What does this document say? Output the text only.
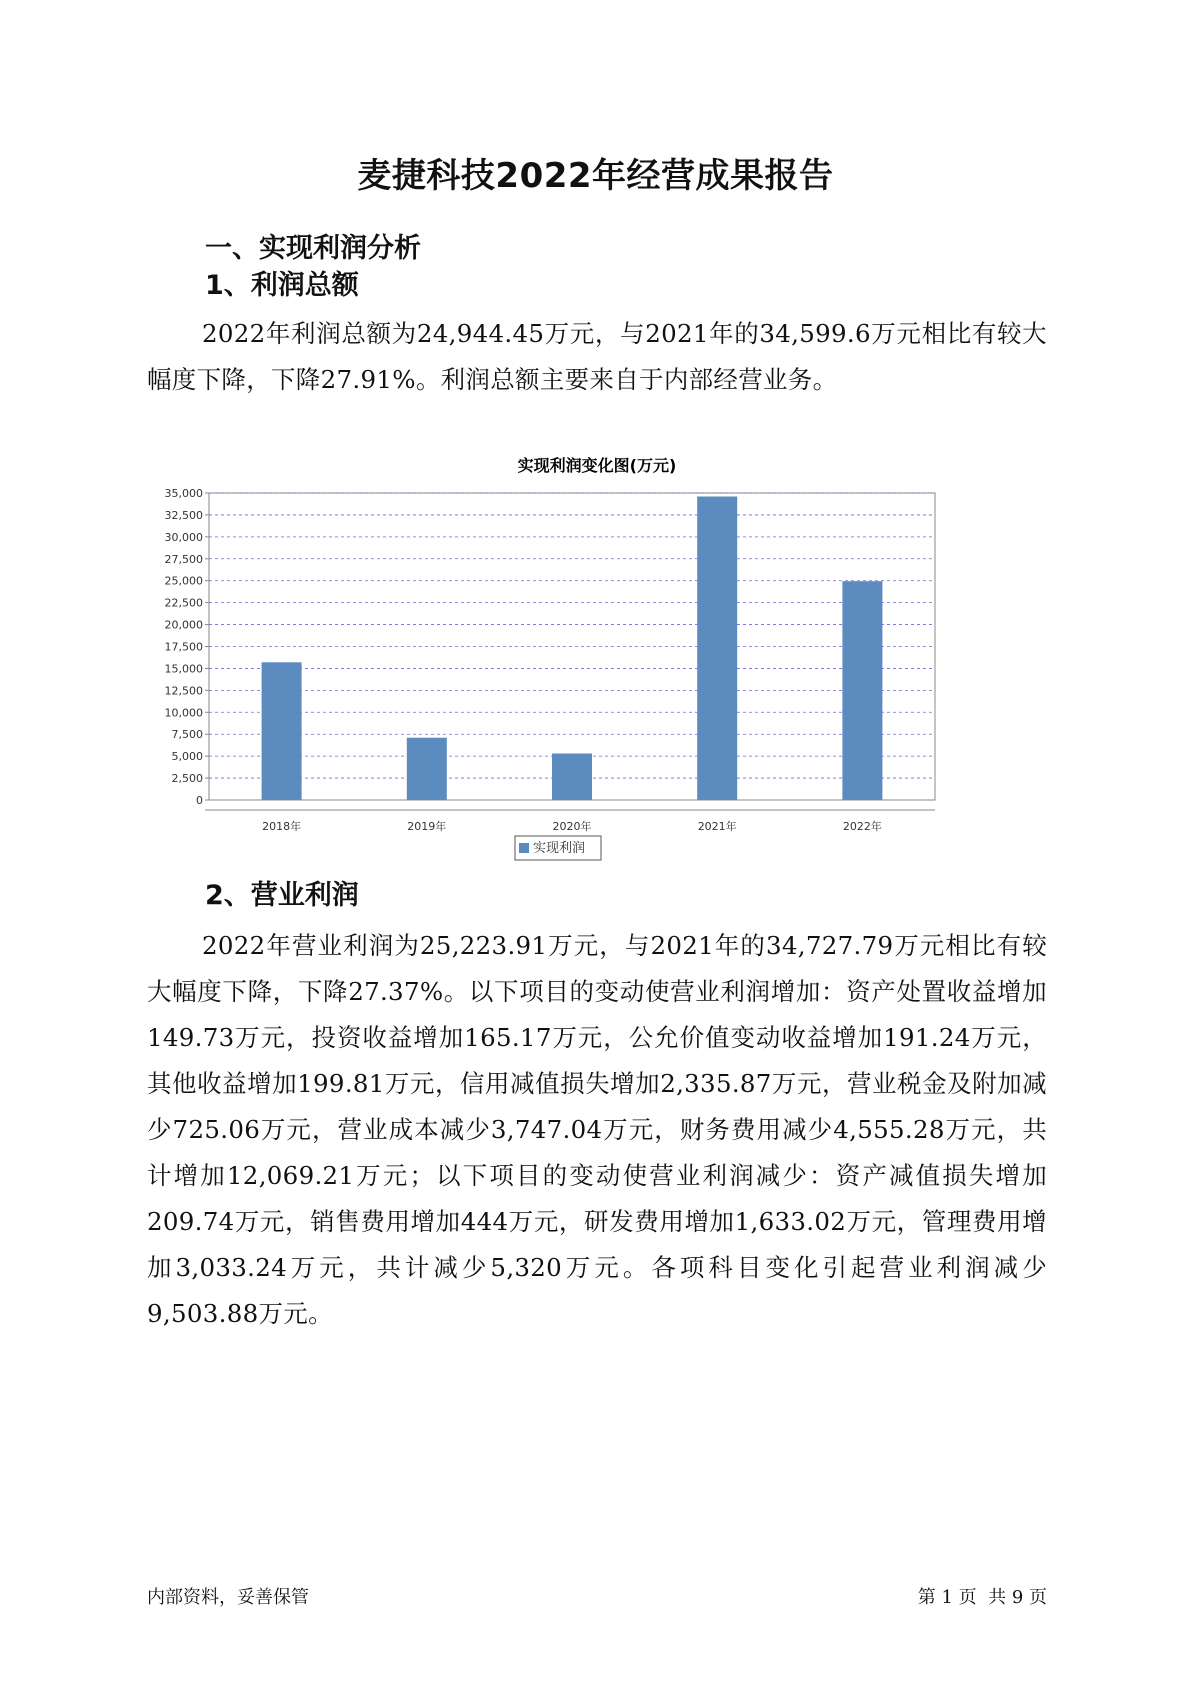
麦捷科技2022年经营成果报告
一、实现利润分析
1、利润总额
2022年利润总额为24,944.45万元，与2021年的34,599.6万元相比有较大幅度下降，下降27.91%。利润总额主要来自于内部经营业务。
实现利润变化图(万元)
0
2,500
5,000
7,500
10,000
12,500
15,000
17,500
20,000
22,500
25,000
27,500
30,000
32,500
35,000
2018年	2019年	2020年	2021年	2022年
实现利润
2、营业利润
2022年营业利润为25,223.91万元，与2021年的34,727.79万元相比有较大幅度下降，下降27.37%。以下项目的变动使营业利润增加：资产处置收益增加149.73万元，投资收益增加165.17万元，公允价值变动收益增加191.24万元，其他收益增加199.81万元，信用减值损失增加2,335.87万元，营业税金及附加减少725.06万元，营业成本减少3,747.04万元，财务费用减少4,555.28万元，共计增加12,069.21万元；以下项目的变动使营业利润减少：资产减值损失增加209.74万元，销售费用增加444万元，研发费用增加1,633.02万元，管理费用增加3,033.24万元，共计减少5,320万元。各项科目变化引起营业利润减少9,503.88万元。
内部资料，妥善保管	第 1 页  共 9 页
